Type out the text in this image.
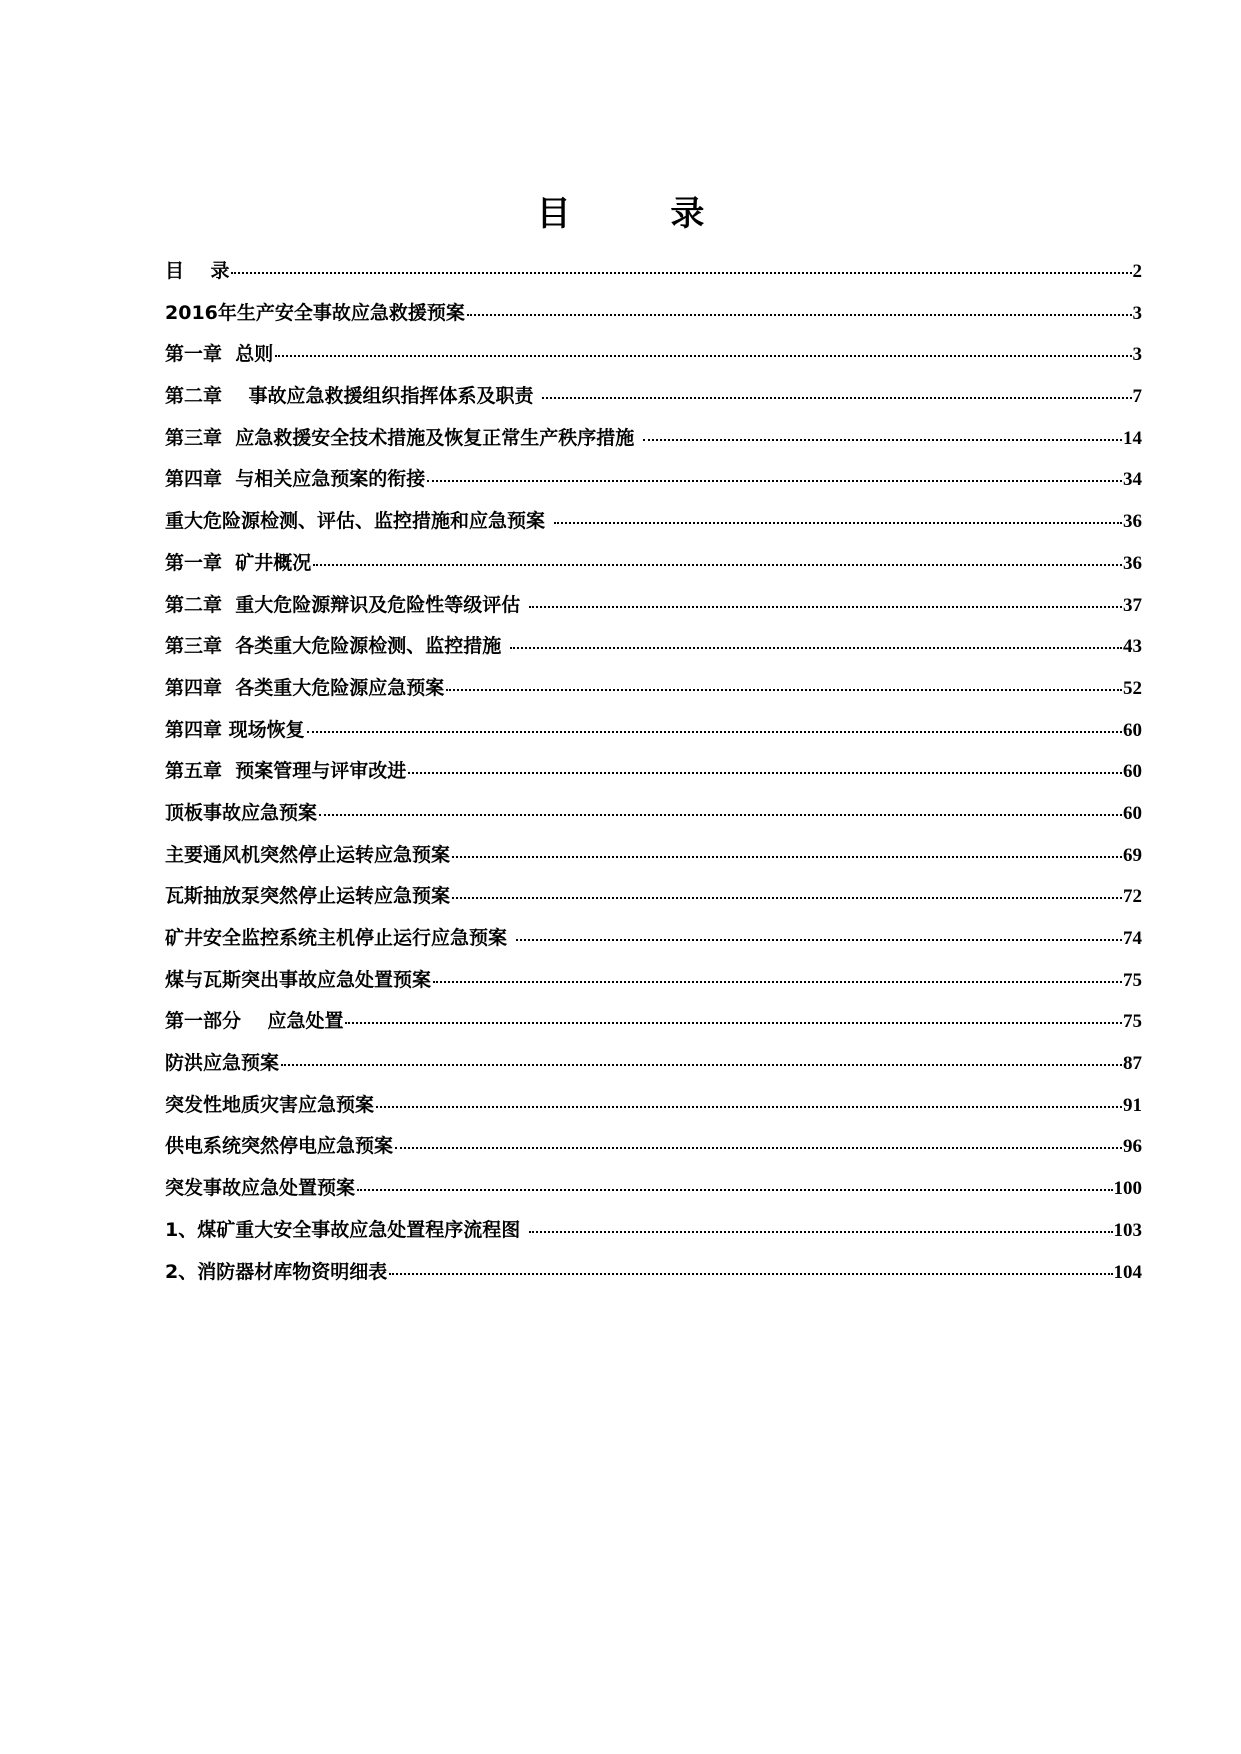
目 录
目    录	2
2016年生产安全事故应急救援预案	3
第一章  总则	3
第二章    事故应急救援组织指挥体系及职责	7
第三章  应急救援安全技术措施及恢复正常生产秩序措施	14
第四章  与相关应急预案的衔接	34
重大危险源检测、评估、监控措施和应急预案	36
第一章  矿井概况	36
第二章  重大危险源辩识及危险性等级评估	37
第三章  各类重大危险源检测、监控措施	43
第四章  各类重大危险源应急预案	52
第四章 现场恢复	60
第五章  预案管理与评审改进	60
顶板事故应急预案	60
主要通风机突然停止运转应急预案	69
瓦斯抽放泵突然停止运转应急预案	72
矿井安全监控系统主机停止运行应急预案	74
煤与瓦斯突出事故应急处置预案	75
第一部分    应急处置	75
防洪应急预案	87
突发性地质灾害应急预案	91
供电系统突然停电应急预案	96
突发事故应急处置预案	100
1、煤矿重大安全事故应急处置程序流程图	103
2、消防器材库物资明细表	104
